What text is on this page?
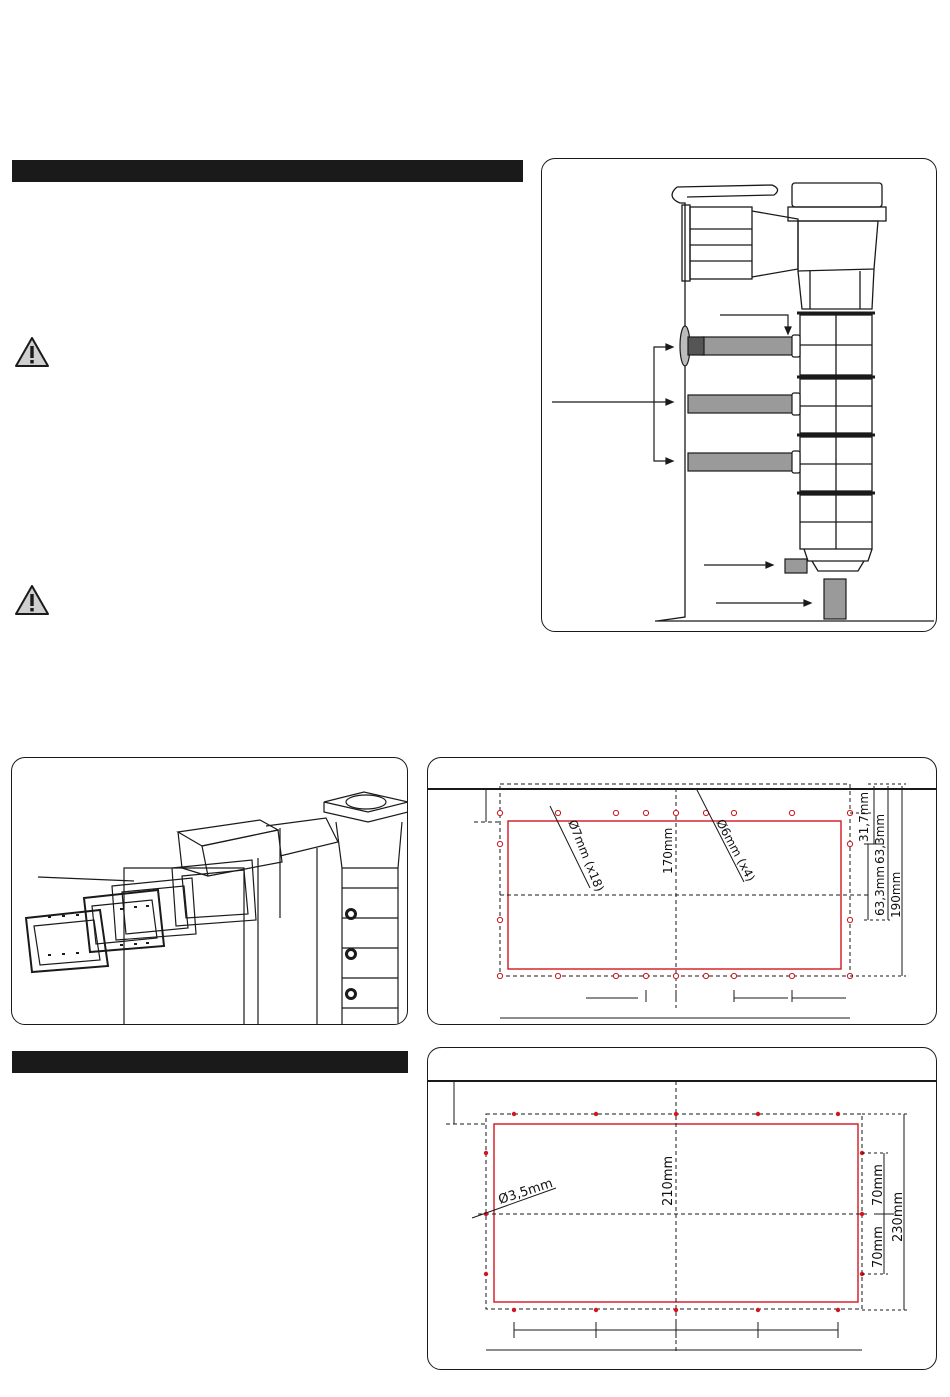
Ø7mm (x18)	Ø6mm (x4)
170mm
190mm
31,7mm 63,3mm
63,3mm
Ø3,5mm	210mm
230mm
70mm
70mm
